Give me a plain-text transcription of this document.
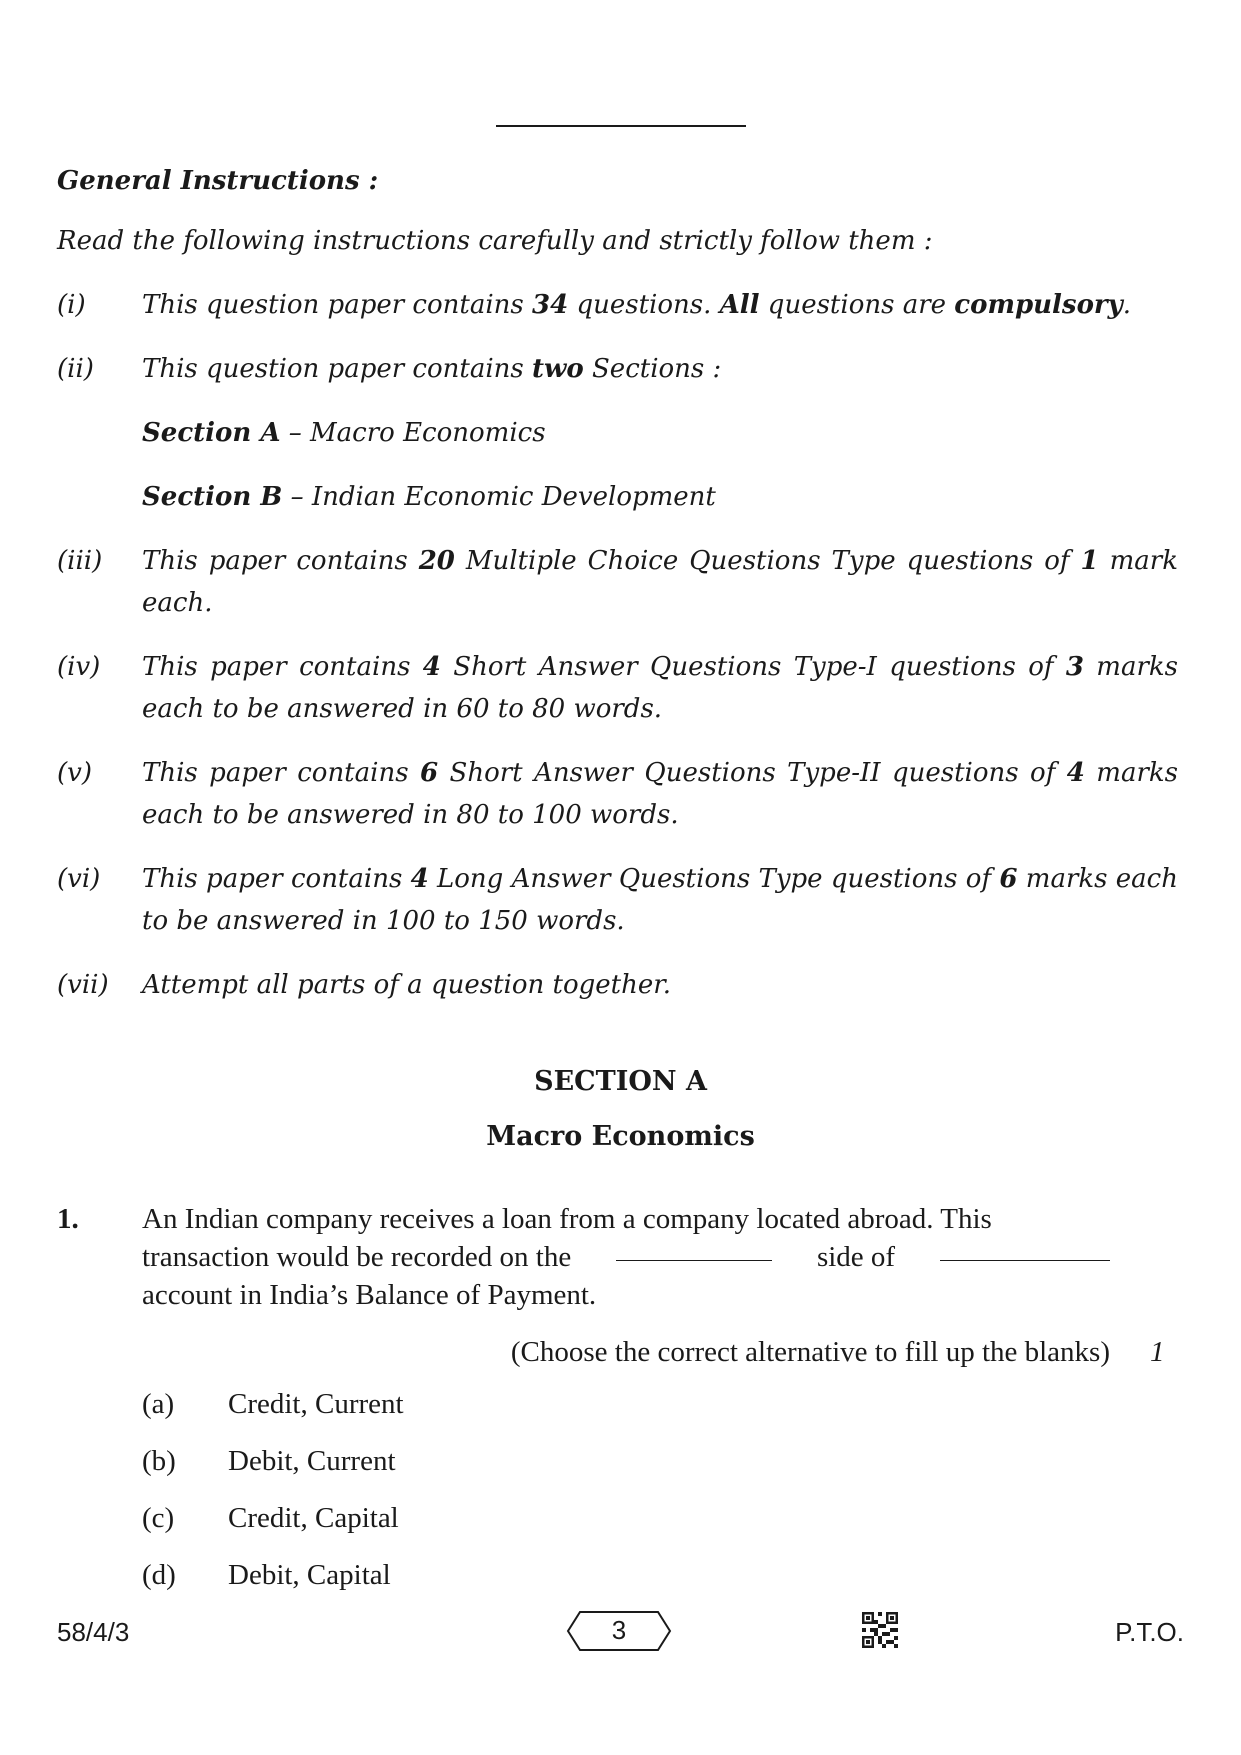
General Instructions :
Read the following instructions carefully and strictly follow them :
(i) This question paper contains 34 questions. All questions are compulsory.
(ii) This question paper contains two Sections :
Section A – Macro Economics
Section B – Indian Economic Development
(iii) This paper contains 20 Multiple Choice Questions Type questions of 1 mark each.
(iv) This paper contains 4 Short Answer Questions Type-I questions of 3 marks each to be answered in 60 to 80 words.
(v) This paper contains 6 Short Answer Questions Type-II questions of 4 marks each to be answered in 80 to 100 words.
(vi) This paper contains 4 Long Answer Questions Type questions of 6 marks each to be answered in 100 to 150 words.
(vii) Attempt all parts of a question together.
SECTION A
Macro Economics
1. An Indian company receives a loan from a company located abroad. This
transaction would be recorded on the	side of
account in India’s Balance of Payment.
(Choose the correct alternative to fill up the blanks) 1
(a) Credit, Current
(b) Debit, Current
(c) Credit, Capital
(d) Debit, Capital
58/4/3	3	P.T.O.
